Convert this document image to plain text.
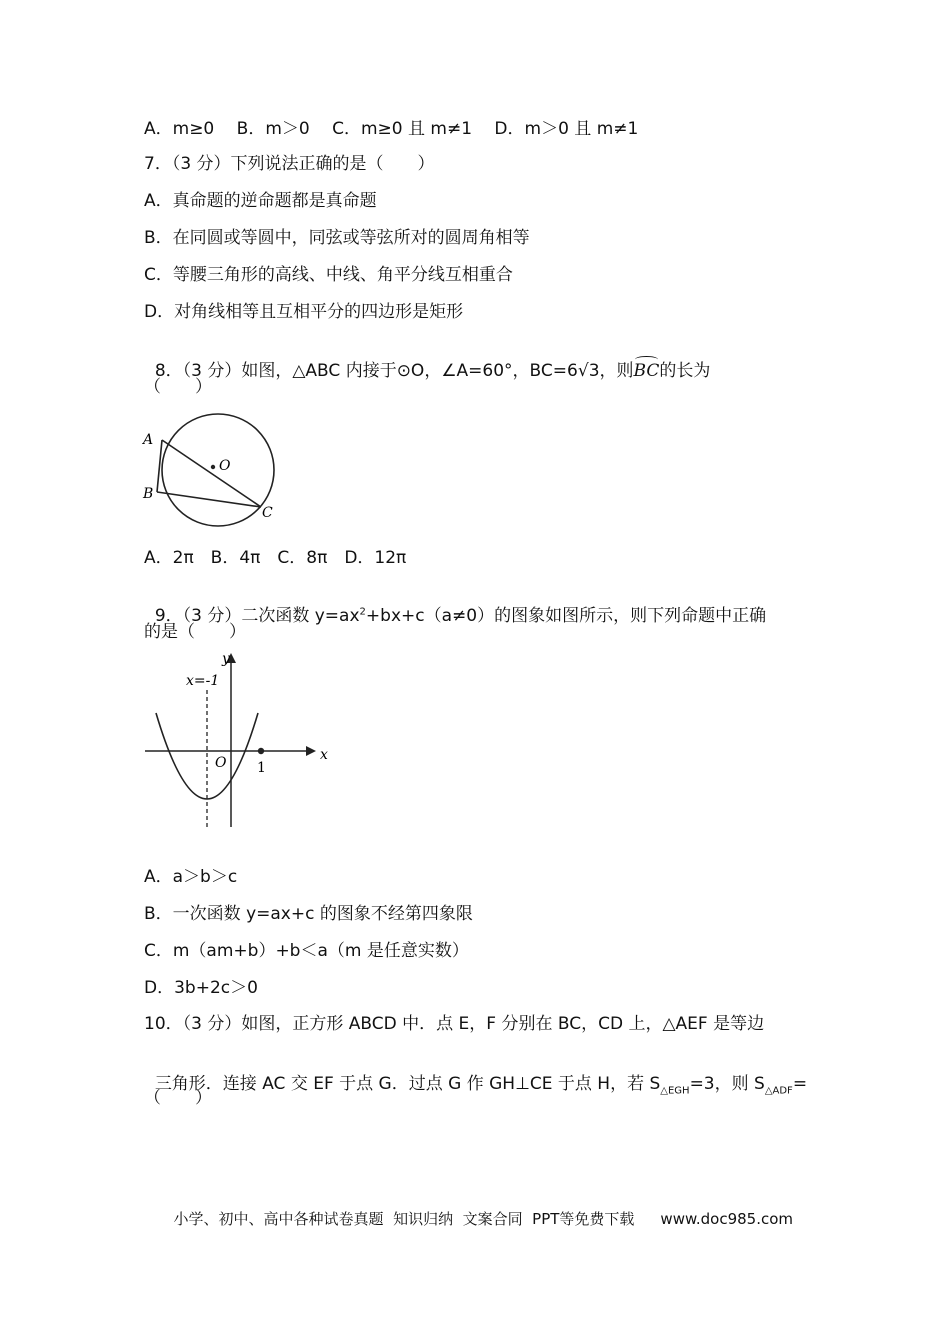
A．m≥0　 B．m＞0　 C．m≥0 且 m≠1　 D．m＞0 且 m≠1
7．（3 分）下列说法正确的是（　　）
A．真命题的逆命题都是真命题
B．在同圆或等圆中，同弦或等弦所对的圆周角相等
C．等腰三角形的高线、中线、角平分线互相重合
D．对角线相等且互相平分的四边形是矩形

8．（3 分）如图，△ABC 内接于⊙O，∠A=60°，BC=6√3，则BC的长为

（　　）
O
A
B
C
A．2π　B．4π　C．8π　D．12π

9．（3 分）二次函数 $y=ax^2+bx+c(a\ne 0)$的图象如图所示，则下列命题中正确

的是（　　）
x=-1
y
x
O 1
A．a＞b＞c
B．一次函数 y=ax+c 的图象不经第四象限
C．m（am+b）+b＜a（m 是任意实数）
D．3b+2c＞0
10．（3 分）如图，正方形 ABCD 中．点 E，F 分别在 BC，CD 上，△AEF 是等边

三角形．连接 AC 交 EF 于点 G．过点 G 作 GH⊥CE 于点 H，若 $S_{\triangle EGH}=3$，则 $S_{\triangle ADF}=$

（　　）

小学、初中、高中各种试卷真题  知识归纳  文案合同  PPT等免费下载 www.doc985.com
